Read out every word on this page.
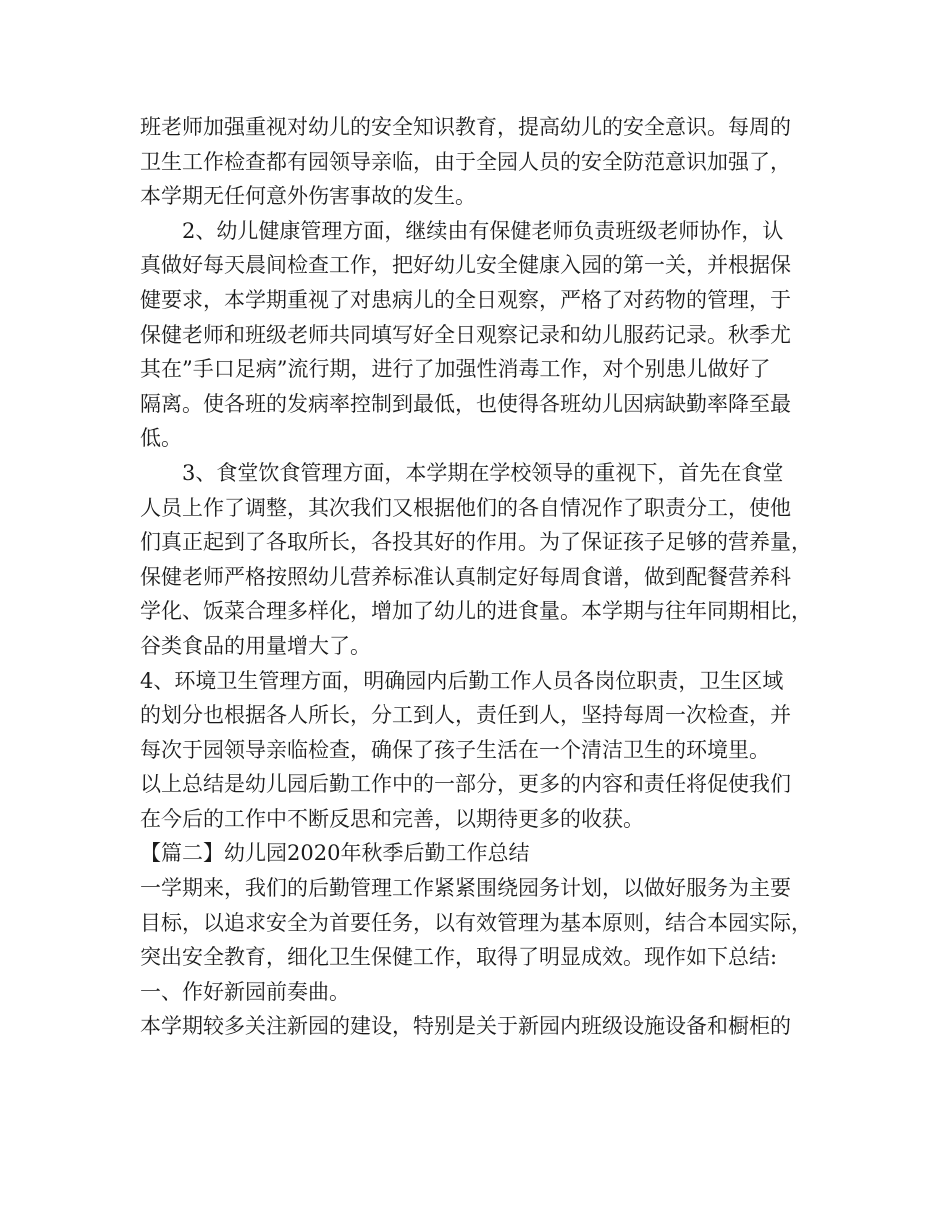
班老师加强重视对幼儿的安全知识教育，提高幼儿的安全意识。每周的
卫生工作检查都有园领导亲临，由于全园人员的安全防范意识加强了，
本学期无任何意外伤害事故的发生。
2、幼儿健康管理方面，继续由有保健老师负责班级老师协作，认
真做好每天晨间检查工作，把好幼儿安全健康入园的第一关，并根据保
健要求，本学期重视了对患病儿的全日观察，严格了对药物的管理，于
保健老师和班级老师共同填写好全日观察记录和幼儿服药记录。秋季尤
其在”手口足病”流行期，进行了加强性消毒工作，对个别患儿做好了
隔离。使各班的发病率控制到最低，也使得各班幼儿因病缺勤率降至最
低。
3、食堂饮食管理方面，本学期在学校领导的重视下，首先在食堂
人员上作了调整，其次我们又根据他们的各自情况作了职责分工，使他
们真正起到了各取所长，各投其好的作用。为了保证孩子足够的营养量，
保健老师严格按照幼儿营养标准认真制定好每周食谱，做到配餐营养科
学化、饭菜合理多样化，增加了幼儿的进食量。本学期与往年同期相比，
谷类食品的用量增大了。
4、环境卫生管理方面，明确园内后勤工作人员各岗位职责，卫生区域
的划分也根据各人所长，分工到人，责任到人，坚持每周一次检查，并
每次于园领导亲临检查，确保了孩子生活在一个清洁卫生的环境里。
以上总结是幼儿园后勤工作中的一部分，更多的内容和责任将促使我们
在今后的工作中不断反思和完善，以期待更多的收获。
【篇二】幼儿园2020年秋季后勤工作总结
一学期来，我们的后勤管理工作紧紧围绕园务计划，以做好服务为主要
目标，以追求安全为首要任务，以有效管理为基本原则，结合本园实际，
突出安全教育，细化卫生保健工作，取得了明显成效。现作如下总结:
一、作好新园前奏曲。
本学期较多关注新园的建设，特别是关于新园内班级设施设备和橱柜的
